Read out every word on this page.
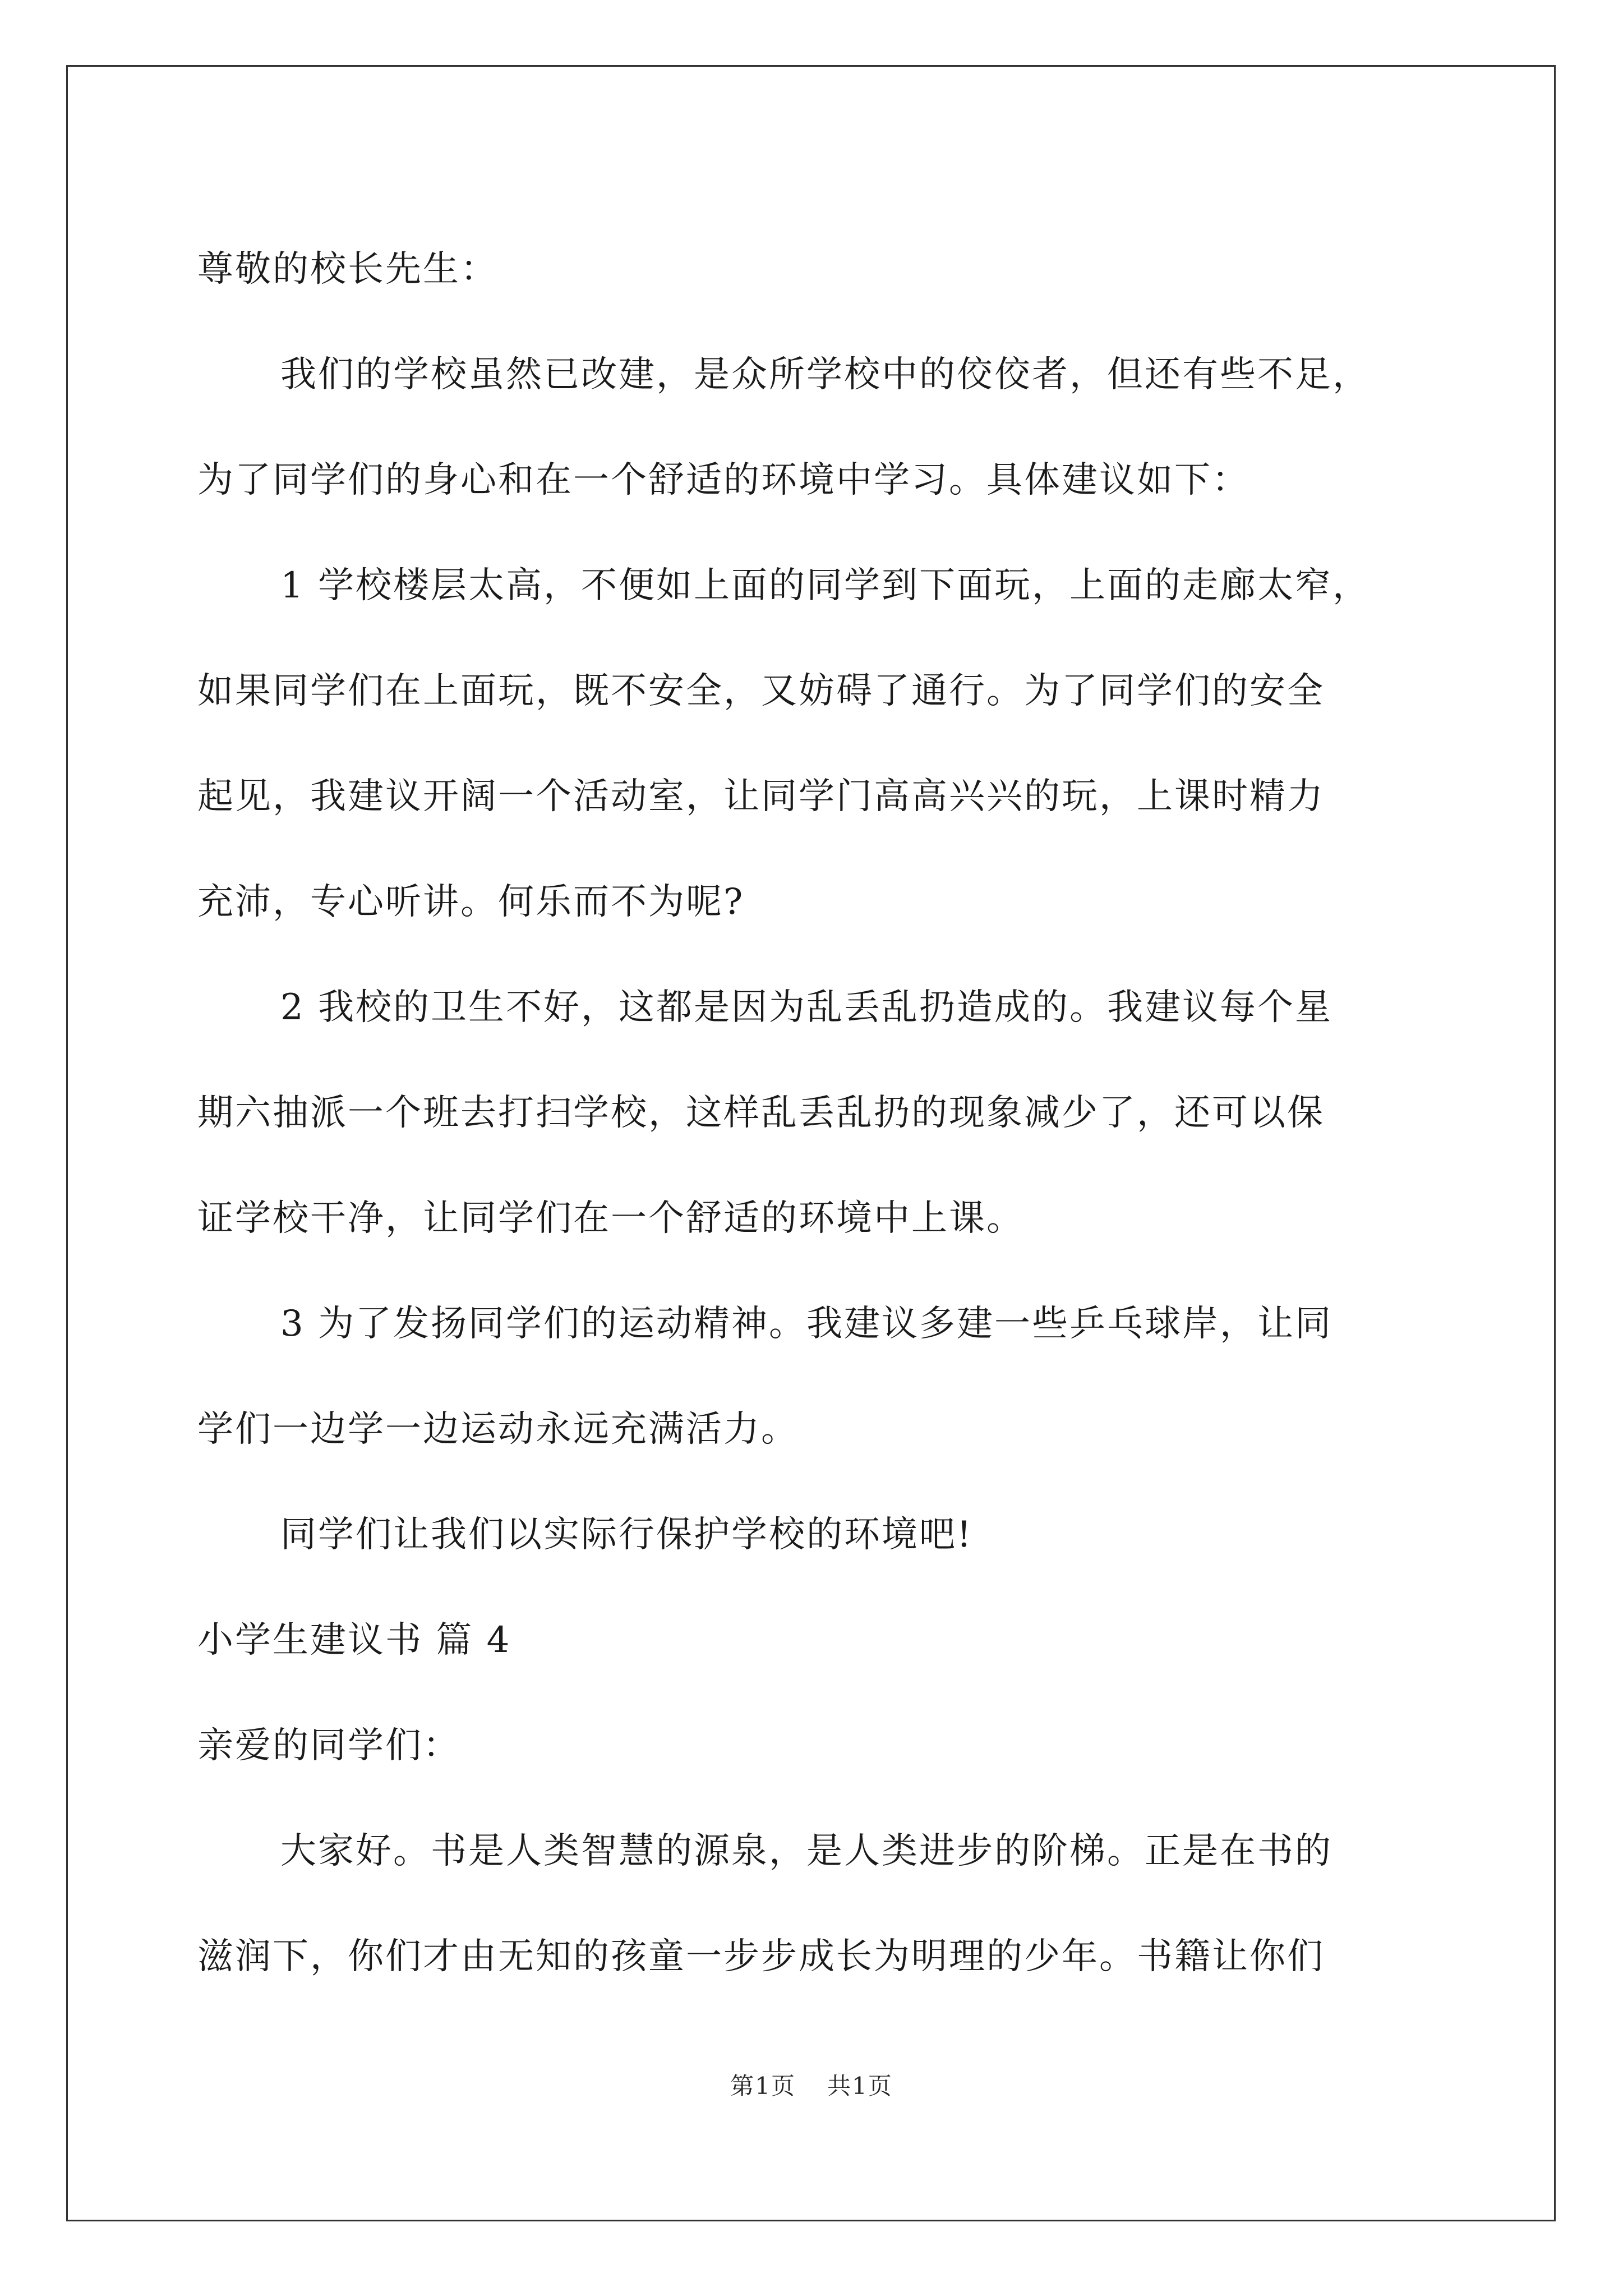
尊敬的校长先生：

我们的学校虽然已改建，是众所学校中的佼佼者，但还有些不足，

为了同学们的身心和在一个舒适的环境中学习。具体建议如下：

1 学校楼层太高，不便如上面的同学到下面玩，上面的走廊太窄，

如果同学们在上面玩，既不安全，又妨碍了通行。为了同学们的安全

起见，我建议开阔一个活动室，让同学门高高兴兴的玩，上课时精力

充沛，专心听讲。何乐而不为呢?

2 我校的卫生不好，这都是因为乱丢乱扔造成的。我建议每个星

期六抽派一个班去打扫学校，这样乱丢乱扔的现象减少了，还可以保

证学校干净，让同学们在一个舒适的环境中上课。

3 为了发扬同学们的运动精神。我建议多建一些乒乓球岸，让同

学们一边学一边运动永远充满活力。

同学们让我们以实际行保护学校的环境吧!

小学生建议书 篇 4

亲爱的同学们：

大家好。书是人类智慧的源泉，是人类进步的阶梯。正是在书的

滋润下，你们才由无知的孩童一步步成长为明理的少年。书籍让你们

第1页 共1页
